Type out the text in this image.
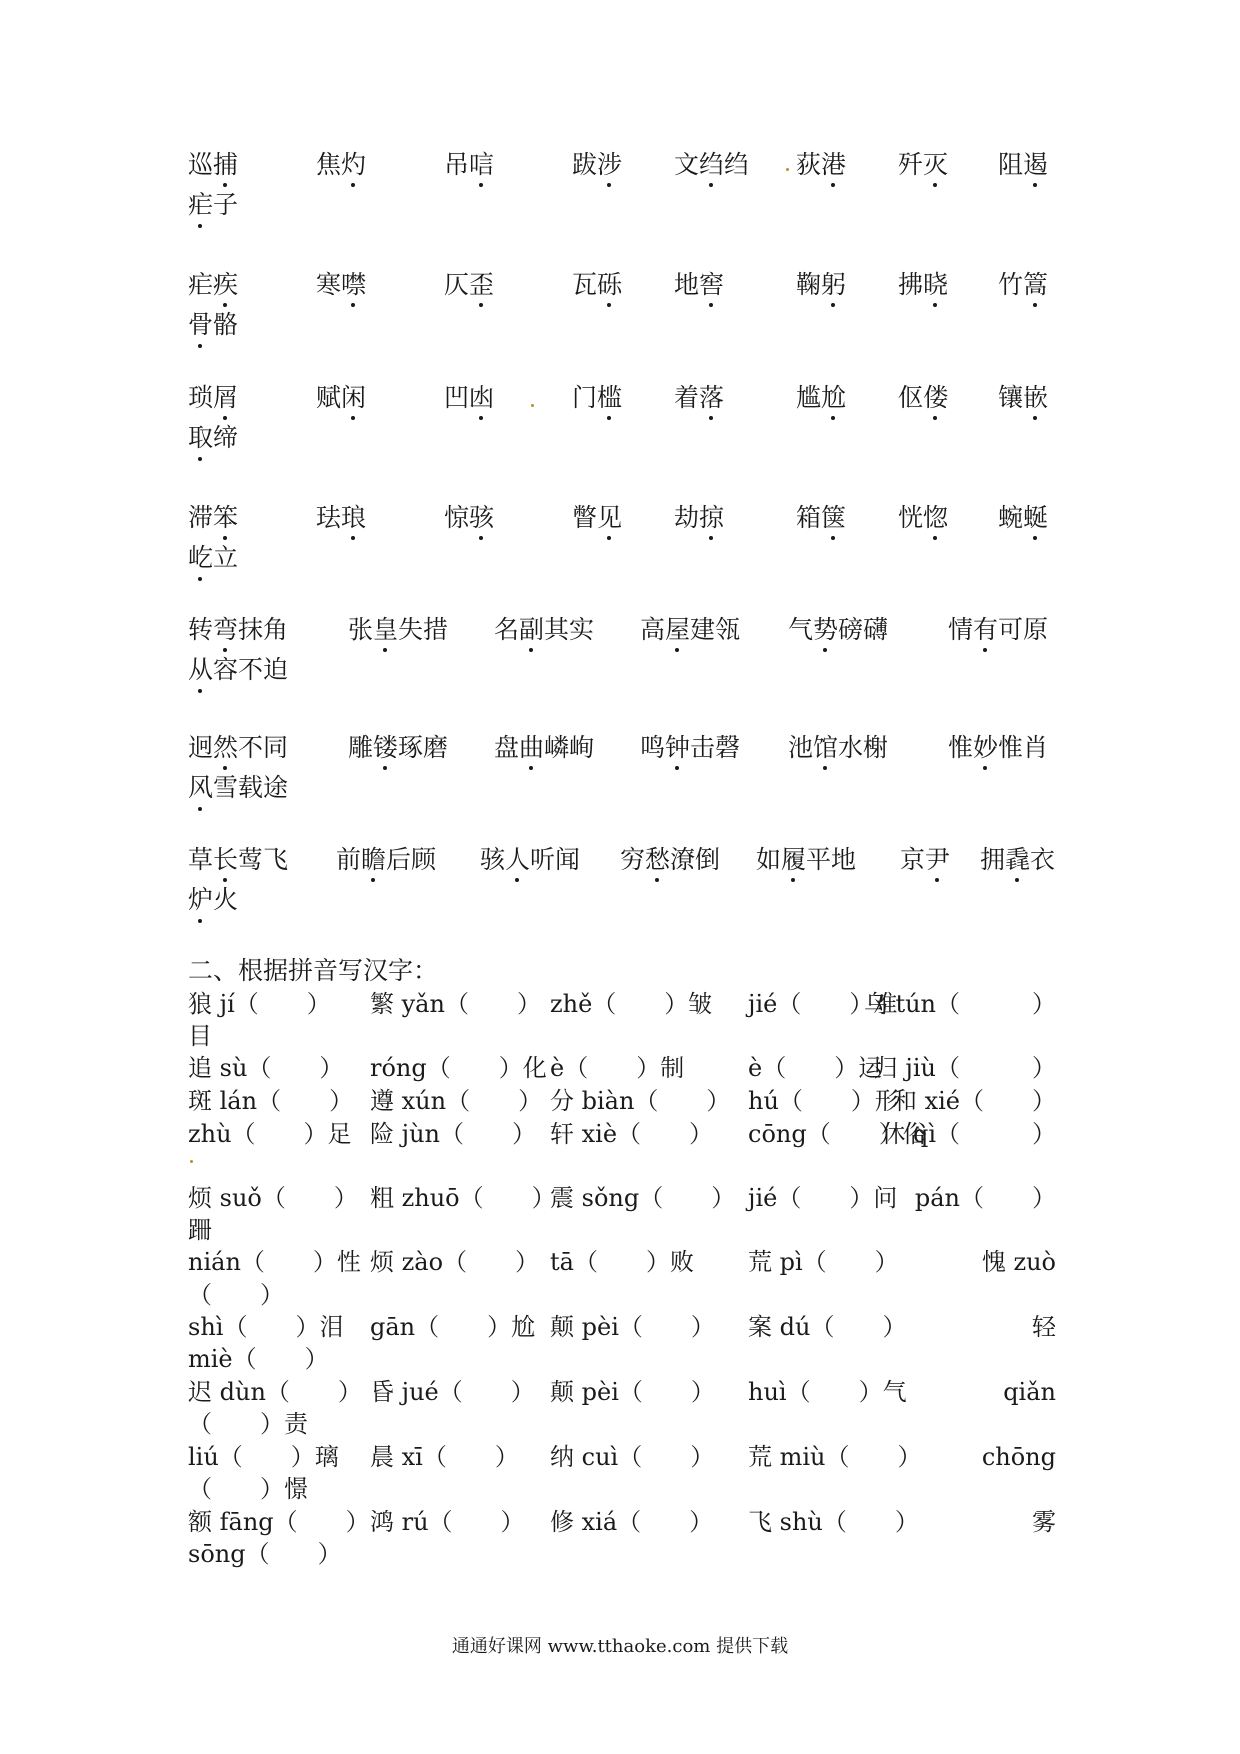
巡捕	焦灼	吊唁	跋涉 文绉绉 荻港 歼灭 阻遏
疟子
疟疾	寒噤	仄歪	瓦砾 地窖	鞠躬 拂晓 竹篙
骨骼
琐屑	赋闲	凹凼	门槛 着落	尴尬 伛偻 镶嵌
取缔
滞笨	珐琅	惊骇	瞥见 劫掠	箱箧 恍惚 蜿蜒
屹立
转弯抹角 张皇失措 名副其实 高屋建瓴 气势磅礴 情有可原
从容不迫
迥然不同 雕镂琢磨 盘曲嶙峋 鸣钟击磬 池馆水榭 惟妙惟肖
风雪载途
草长莺飞 前瞻后顾 骇人听闻 穷愁潦倒 如履平地 京尹 拥毳衣
炉火
二、根据拼音写汉字：
狼 jí（　　） 繁 yǎn（　　） zhě（　　）皱 jié（　　）难
乌 tún（　　　）
目
追 sù（　　） róng（　　）化 è（　　）制	è（　　）运
归 jiù（　　　）
斑 lán（　　） 遵 xún（　　） 分 biàn（　　） hú（　　）形
和 xié（　　）
zhù（　　）足 险 jùn（　　） 轩 xiè（　　） cōng（　　）俗
休 qì（　　　）
烦 suǒ（　　） 粗 zhuō（　　）
震 sǒng（　　） jié（　　）问 pán（　　）
跚
nián（　　）性 烦 zào（　　） tā（　　）败 荒 pì（　　）	愧 zuò
（　　）
shì（　　）泪 gān（　　）尬 颠 pèi（　　） 案 dú（　　）	轻
miè（　　）
迟 dùn（　　） 昏 jué（　　） 颠 pèi（　　） huì（　　）气	qiǎn
（　　）责
liú（　　）璃 晨 xī（　　） 纳 cuì（　　） 荒 miù（　　）	chōng
（　　）憬
额 fāng（　　） 鸿 rú（　　） 修 xiá（　　） 飞 shù（　　）	雾
sōng（　　）
通通好课网 www.tthaoke.com 提供下载
